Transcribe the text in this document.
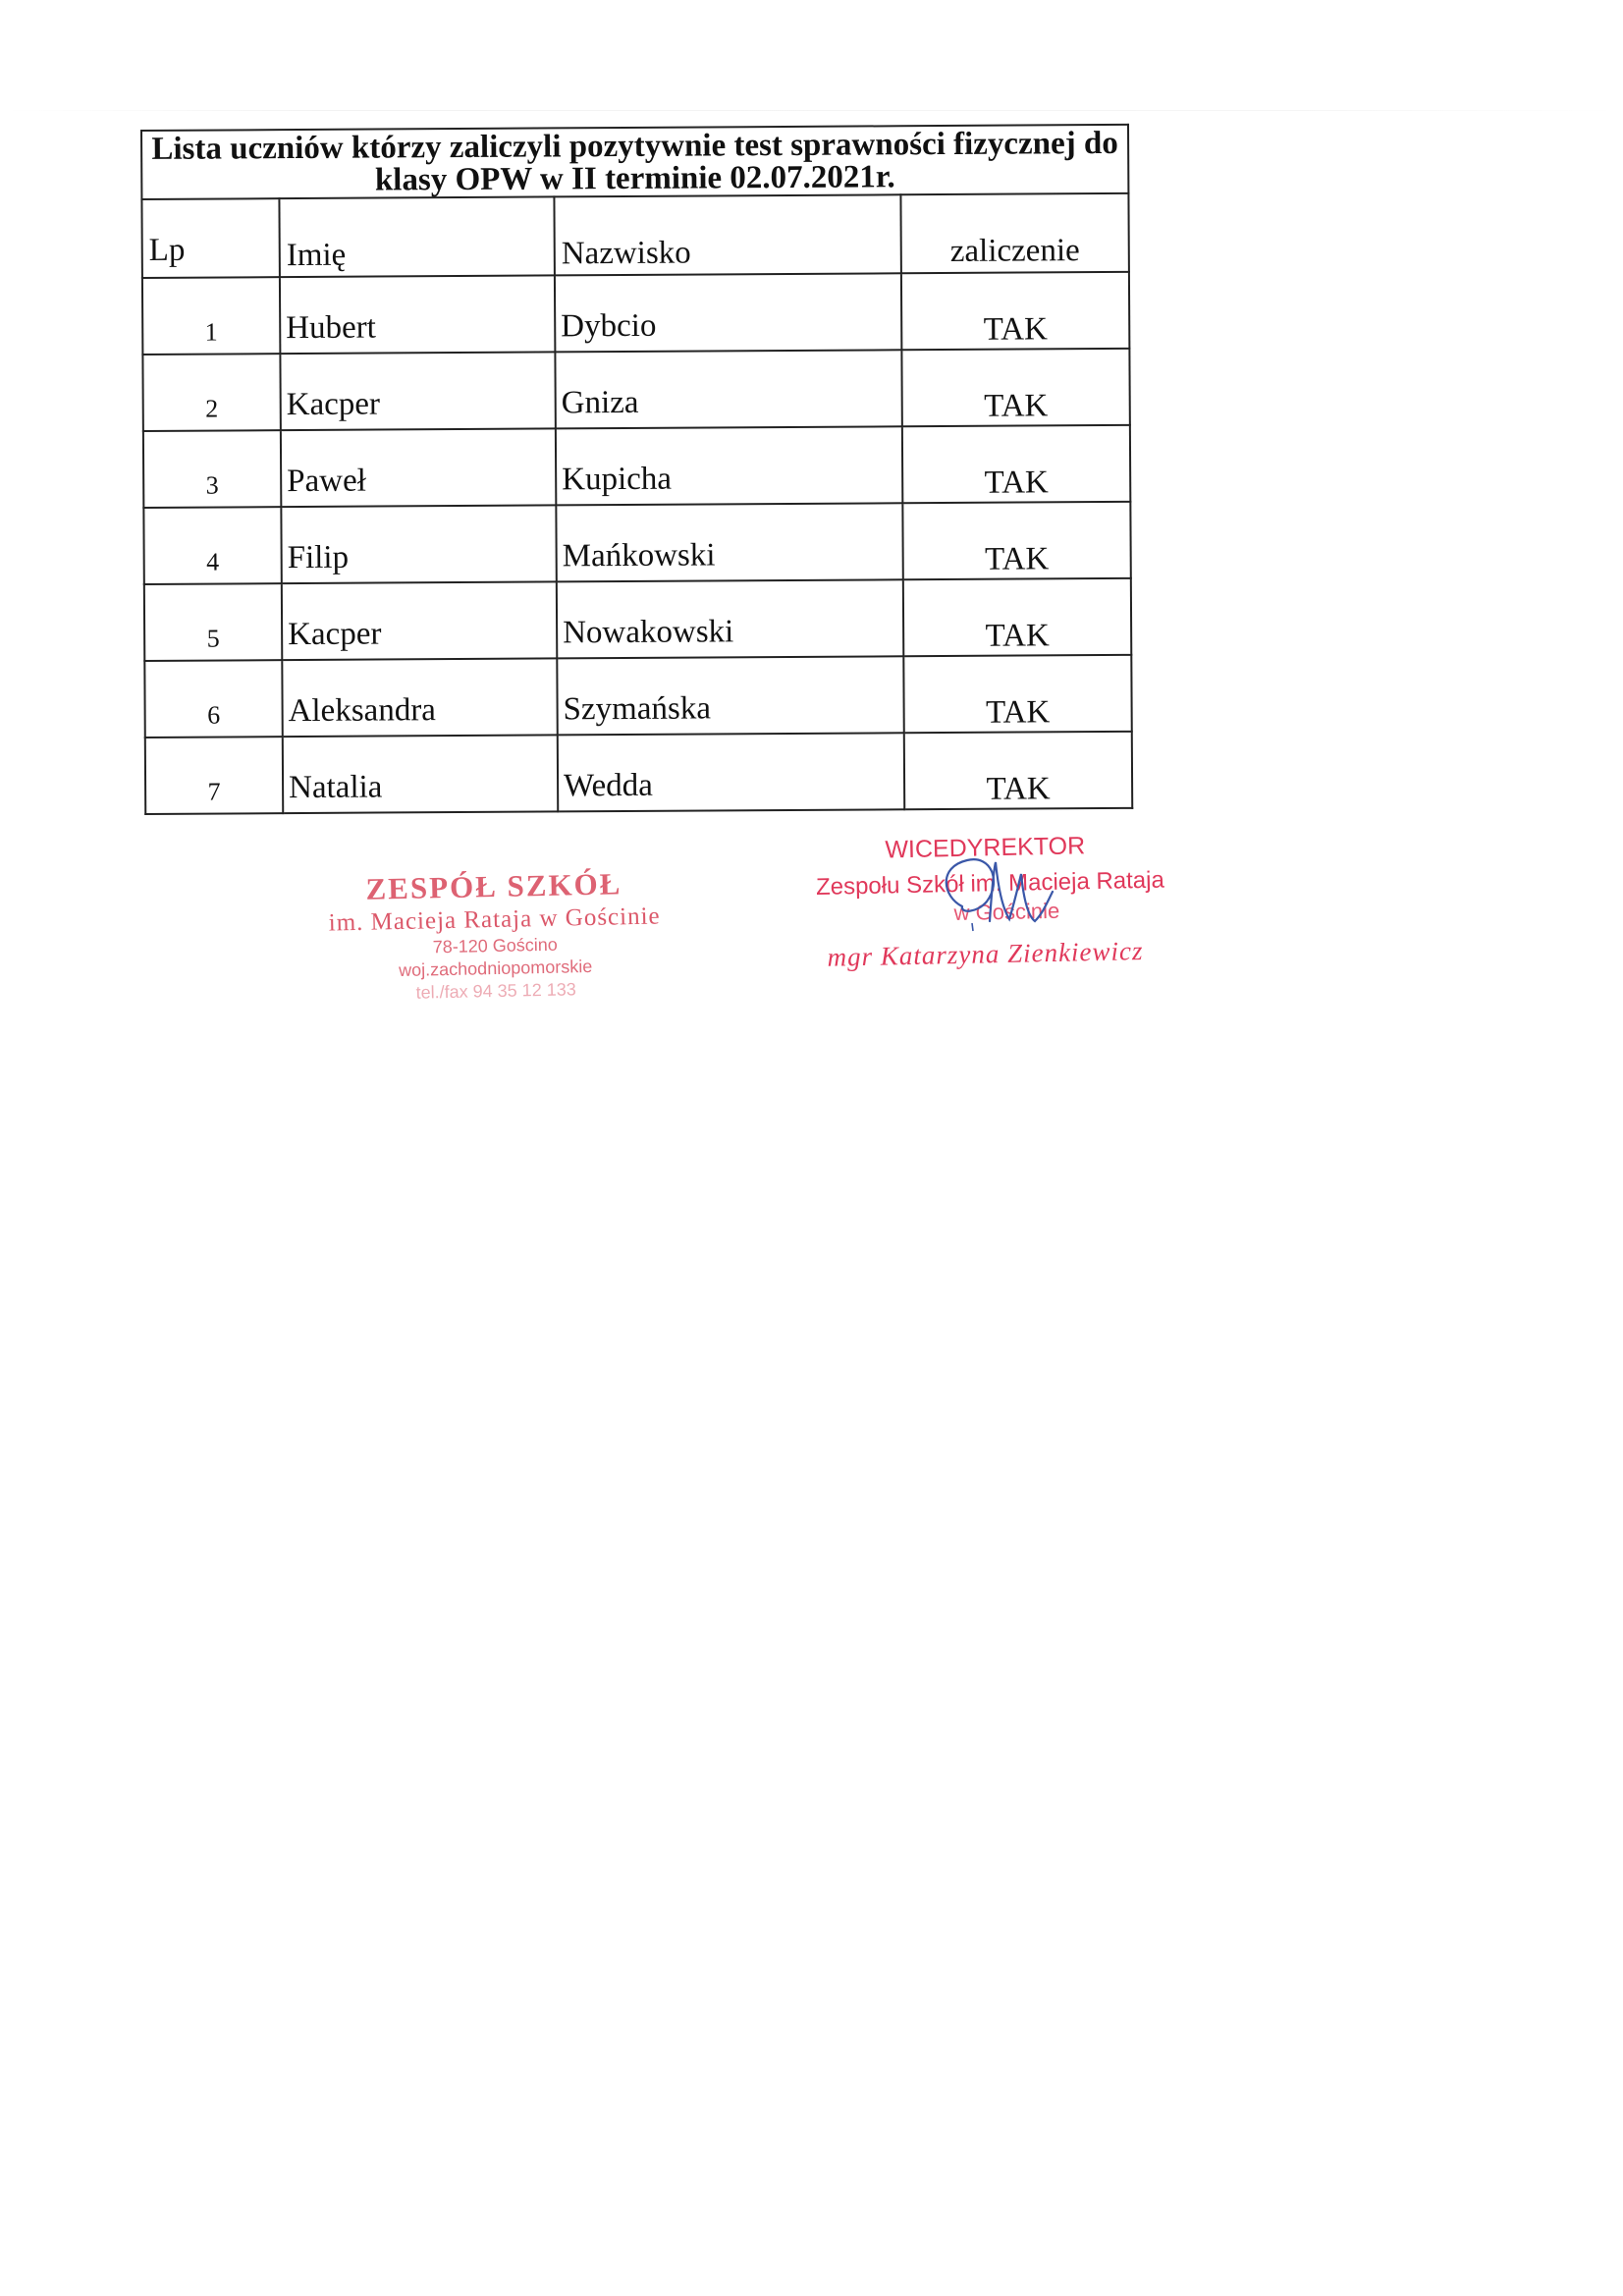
Lista uczniów którzy zaliczyli pozytywnie test sprawności fizycznej do klasy OPW w II terminie 02.07.2021r.			
Lp	Imię	Nazwisko	zaliczenie
1	Hubert	Dybcio	TAK
2	Kacper	Gniza	TAK
3	Paweł	Kupicha	TAK
4	Filip	Mańkowski	TAK
5	Kacper	Nowakowski	TAK
6	Aleksandra	Szymańska	TAK
7	Natalia	Wedda	TAK
ZESPÓŁ SZKÓŁ
im. Macieja Rataja w Gościnie
78-120 Gościno
woj.zachodniopomorskie
tel./fax 94 35 12 133
WICEDYREKTOR
Zespołu Szkół im. Macieja Rataja
w Gościnie
mgr Katarzyna Zienkiewicz
